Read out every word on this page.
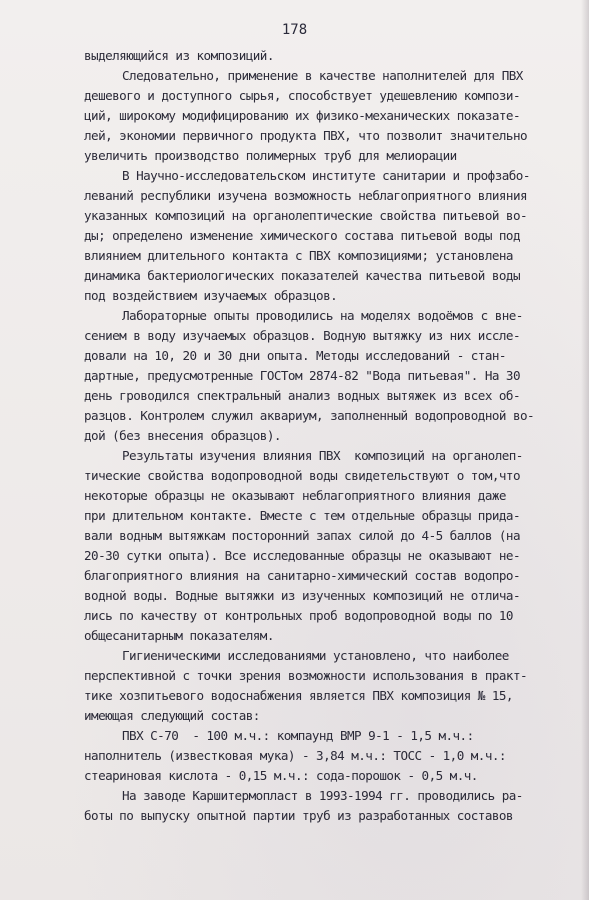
178
выделяющийся из композиций.
Следовательно, применение в качестве наполнителей для ПВХ
дешевого и доступного сырья, способствует удешевлению компози-
ций, широкому модифицированию их физико-механических показате-
лей, экономии первичного продукта ПВХ, что позволит значительно
увеличить производство полимерных труб для мелиорации
В Научно-исследовательском институте санитарии и профзабо-
леваний республики изучена возможность неблагоприятного влияния
указанных композиций на органолептические свойства питьевой во-
ды; определено изменение химического состава питьевой воды под
влиянием длительного контакта с ПВХ композициями; установлена
динамика бактериологических показателей качества питьевой воды
под воздействием изучаемых образцов.
Лабораторные опыты проводились на моделях водоёмов с внe-
сением в воду изучаемых образцов. Водную вытяжку из них иссле-
довали на 10, 20 и 30 дни опыта. Методы исследований - стан-
дартные, предусмотренные ГОСТом 2874-82 "Вода питьевая". На 30
день гроводился спектральный анализ водных вытяжек из всех об-
разцов. Контролем служил аквариум, заполненный водопроводной во-
дой (без внесения образцов).
Результаты изучения влияния ПВХ  композиций на органолеп-
тические свойства водопроводной воды свидетельствуют о том,что
некоторые образцы не оказывают неблагоприятного влияния даже
при длительном контакте. Вместе с тем отдельные образцы прида-
вали водным вытяжкам посторонний запах силой до 4-5 баллов (на
20-30 сутки опыта). Все исследованные образцы не оказывают не-
благоприятного влияния на санитарно-химический состав водопро-
водной воды. Водные вытяжки из изученных композиций не отлича-
лись по качеству от контрольных проб водопроводной воды по 10
общесанитарным показателям.
Гигиеническими исследованиями установлено, что наиболее
перспективной с точки зрения возможности использования в практ-
тике хозпитьевого водоснабжения является ПВХ композиция № 15,
имеющая следующий состав:
ПВХ С-70  - 100 м.ч.: компаунд ВМР 9-1 - 1,5 м.ч.:
наполнитель (известковая мука) - 3,84 м.ч.: ТОСС - 1,0 м.ч.:
стеариновая кислота - 0,15 м.ч.: сода-порошок - 0,5 м.ч.
На заводе Каршитермопласт в 1993-1994 гг. проводились ра-
боты по выпуску опытной партии труб из разработанных составов
